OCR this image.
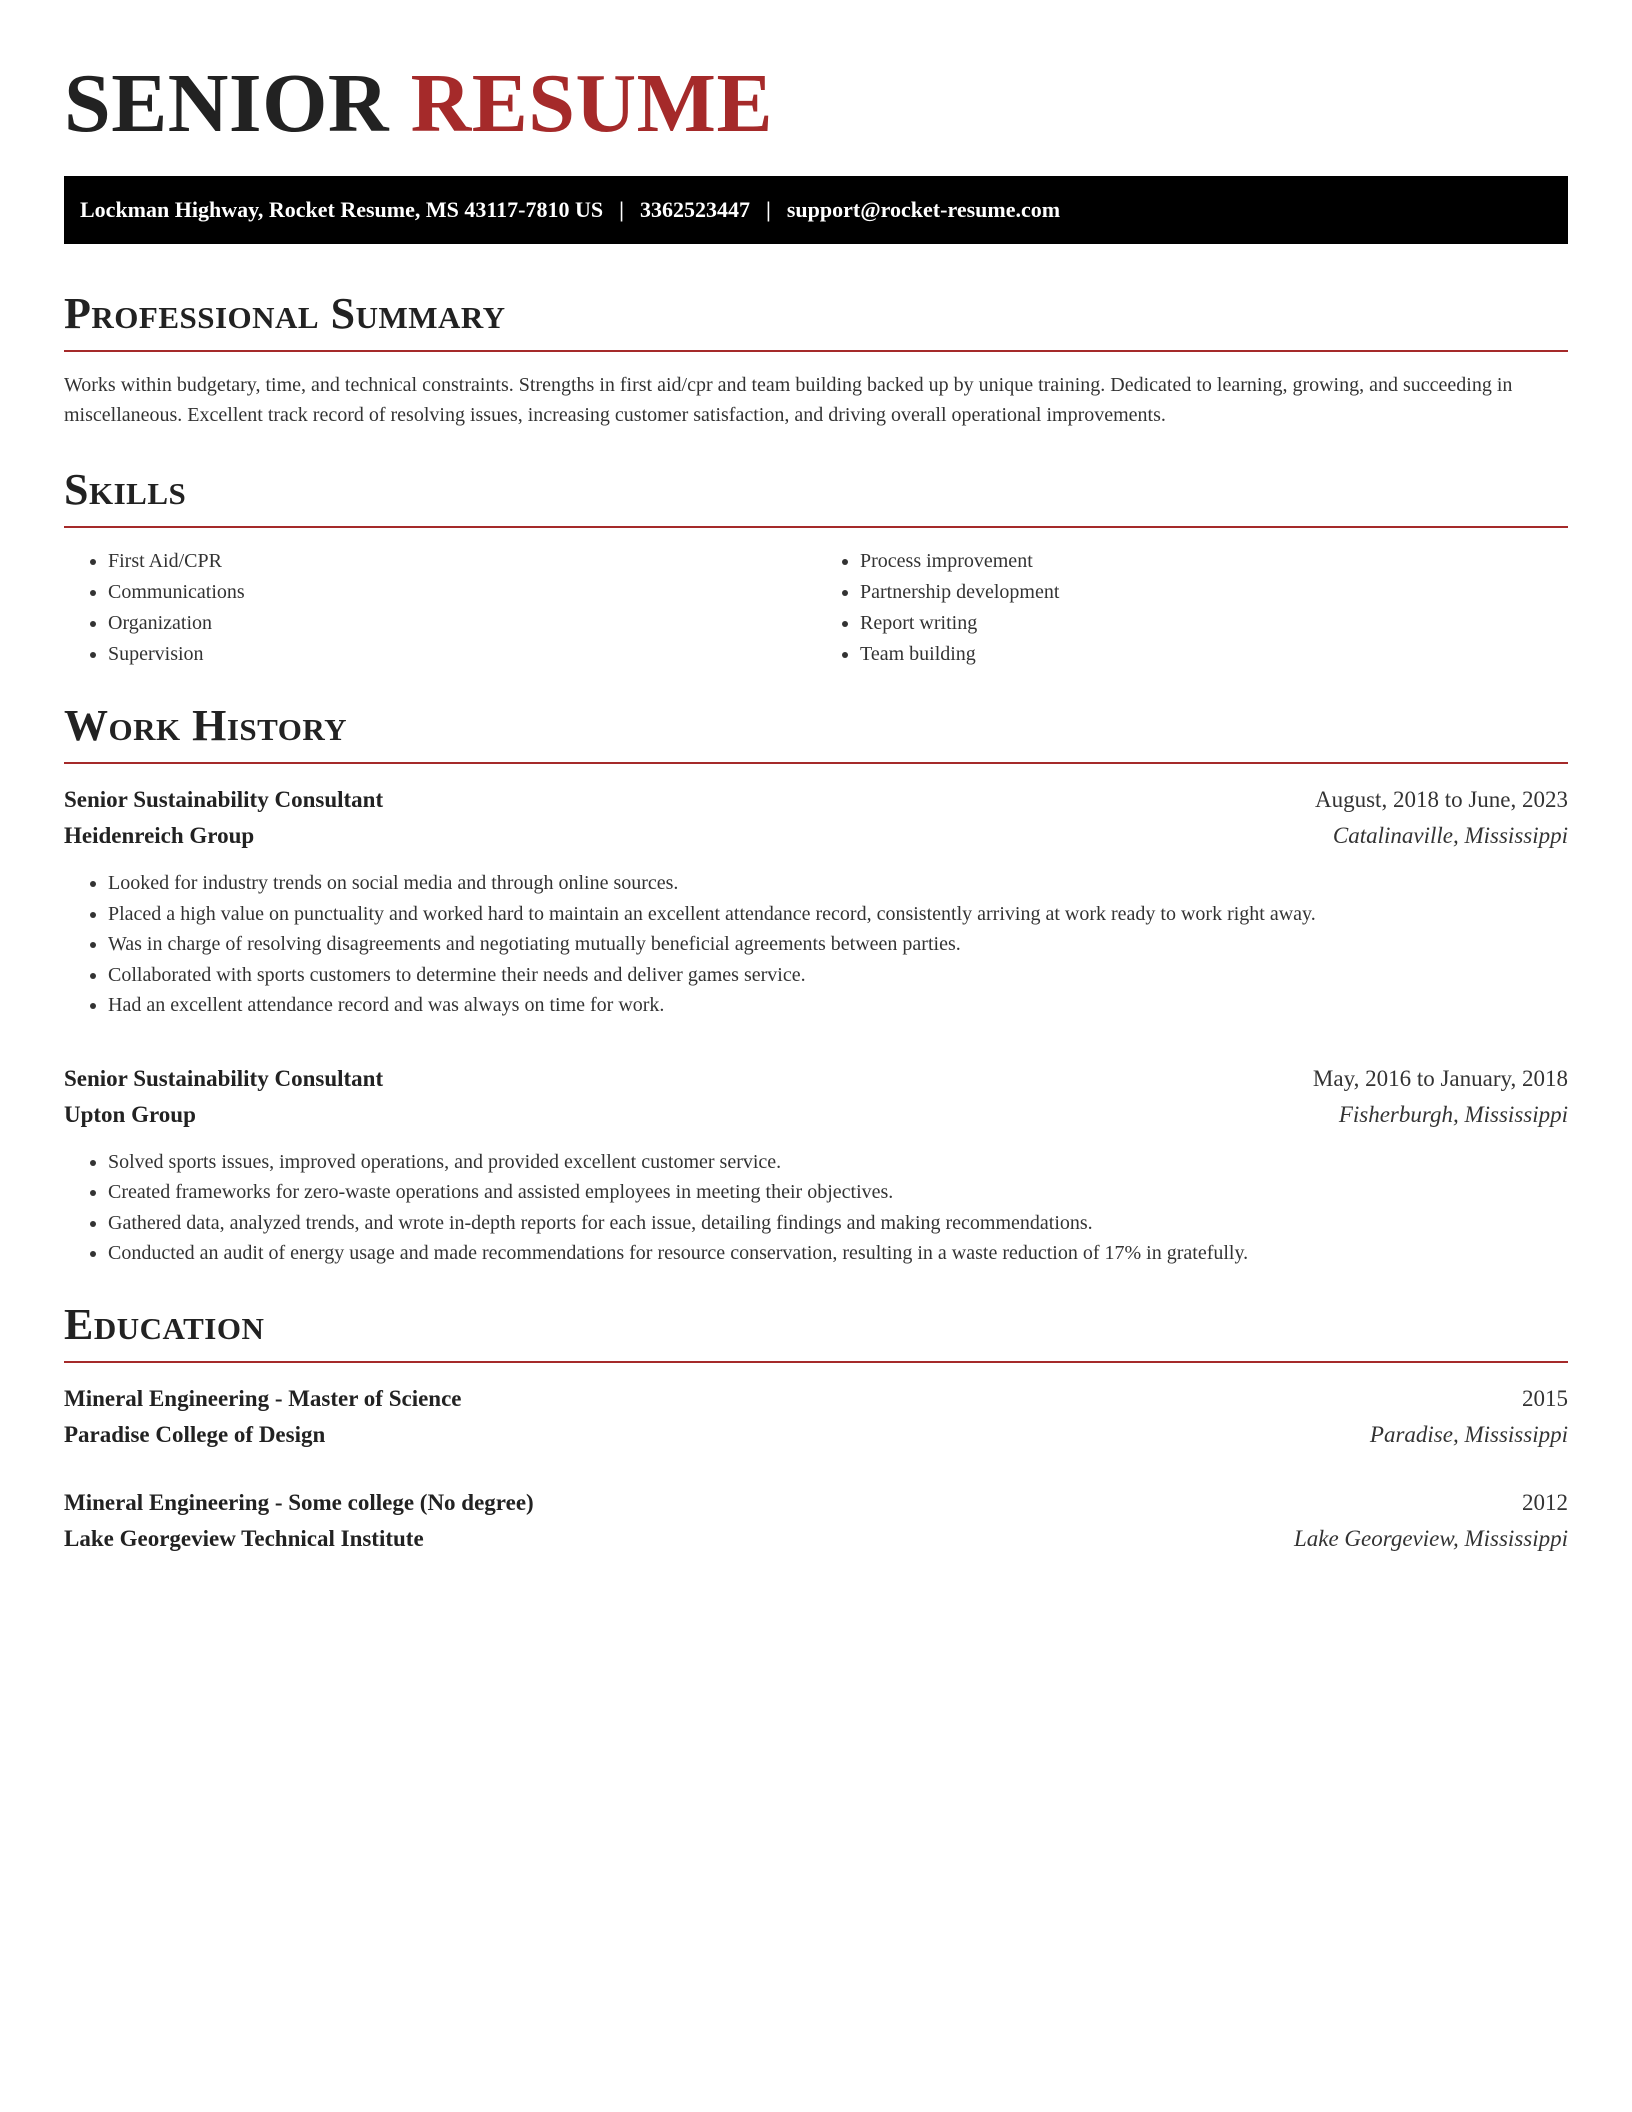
SENIOR RESUME
Lockman Highway, Rocket Resume, MS 43117-7810 US | 3362523447 | support@rocket-resume.com
Professional Summary

Works within budgetary, time, and technical constraints. Strengths in first aid/cpr and team building backed up by unique training. Dedicated to learning, growing, and succeeding in miscellaneous. Excellent track record of resolving issues, increasing customer satisfaction, and driving overall operational improvements.

Skills
• First Aid/CPR
• Communications
• Organization
• Supervision
• Process improvement
• Partnership development
• Report writing
• Team building
Work History
Senior Sustainability Consultant	August, 2018 to June, 2023
Heidenreich Group	Catalinaville, Mississippi
• Looked for industry trends on social media and through online sources.
• Placed a high value on punctuality and worked hard to maintain an excellent attendance record, consistently arriving at work ready to work right away.
• Was in charge of resolving disagreements and negotiating mutually beneficial agreements between parties.
• Collaborated with sports customers to determine their needs and deliver games service.
• Had an excellent attendance record and was always on time for work.
Senior Sustainability Consultant	May, 2016 to January, 2018
Upton Group	Fisherburgh, Mississippi
• Solved sports issues, improved operations, and provided excellent customer service.
• Created frameworks for zero-waste operations and assisted employees in meeting their objectives.
• Gathered data, analyzed trends, and wrote in-depth reports for each issue, detailing findings and making recommendations.
• Conducted an audit of energy usage and made recommendations for resource conservation, resulting in a waste reduction of 17% in gratefully.
Education
Mineral Engineering - Master of Science	2015
Paradise College of Design	Paradise, Mississippi
Mineral Engineering - Some college (No degree)	2012
Lake Georgeview Technical Institute	Lake Georgeview, Mississippi
